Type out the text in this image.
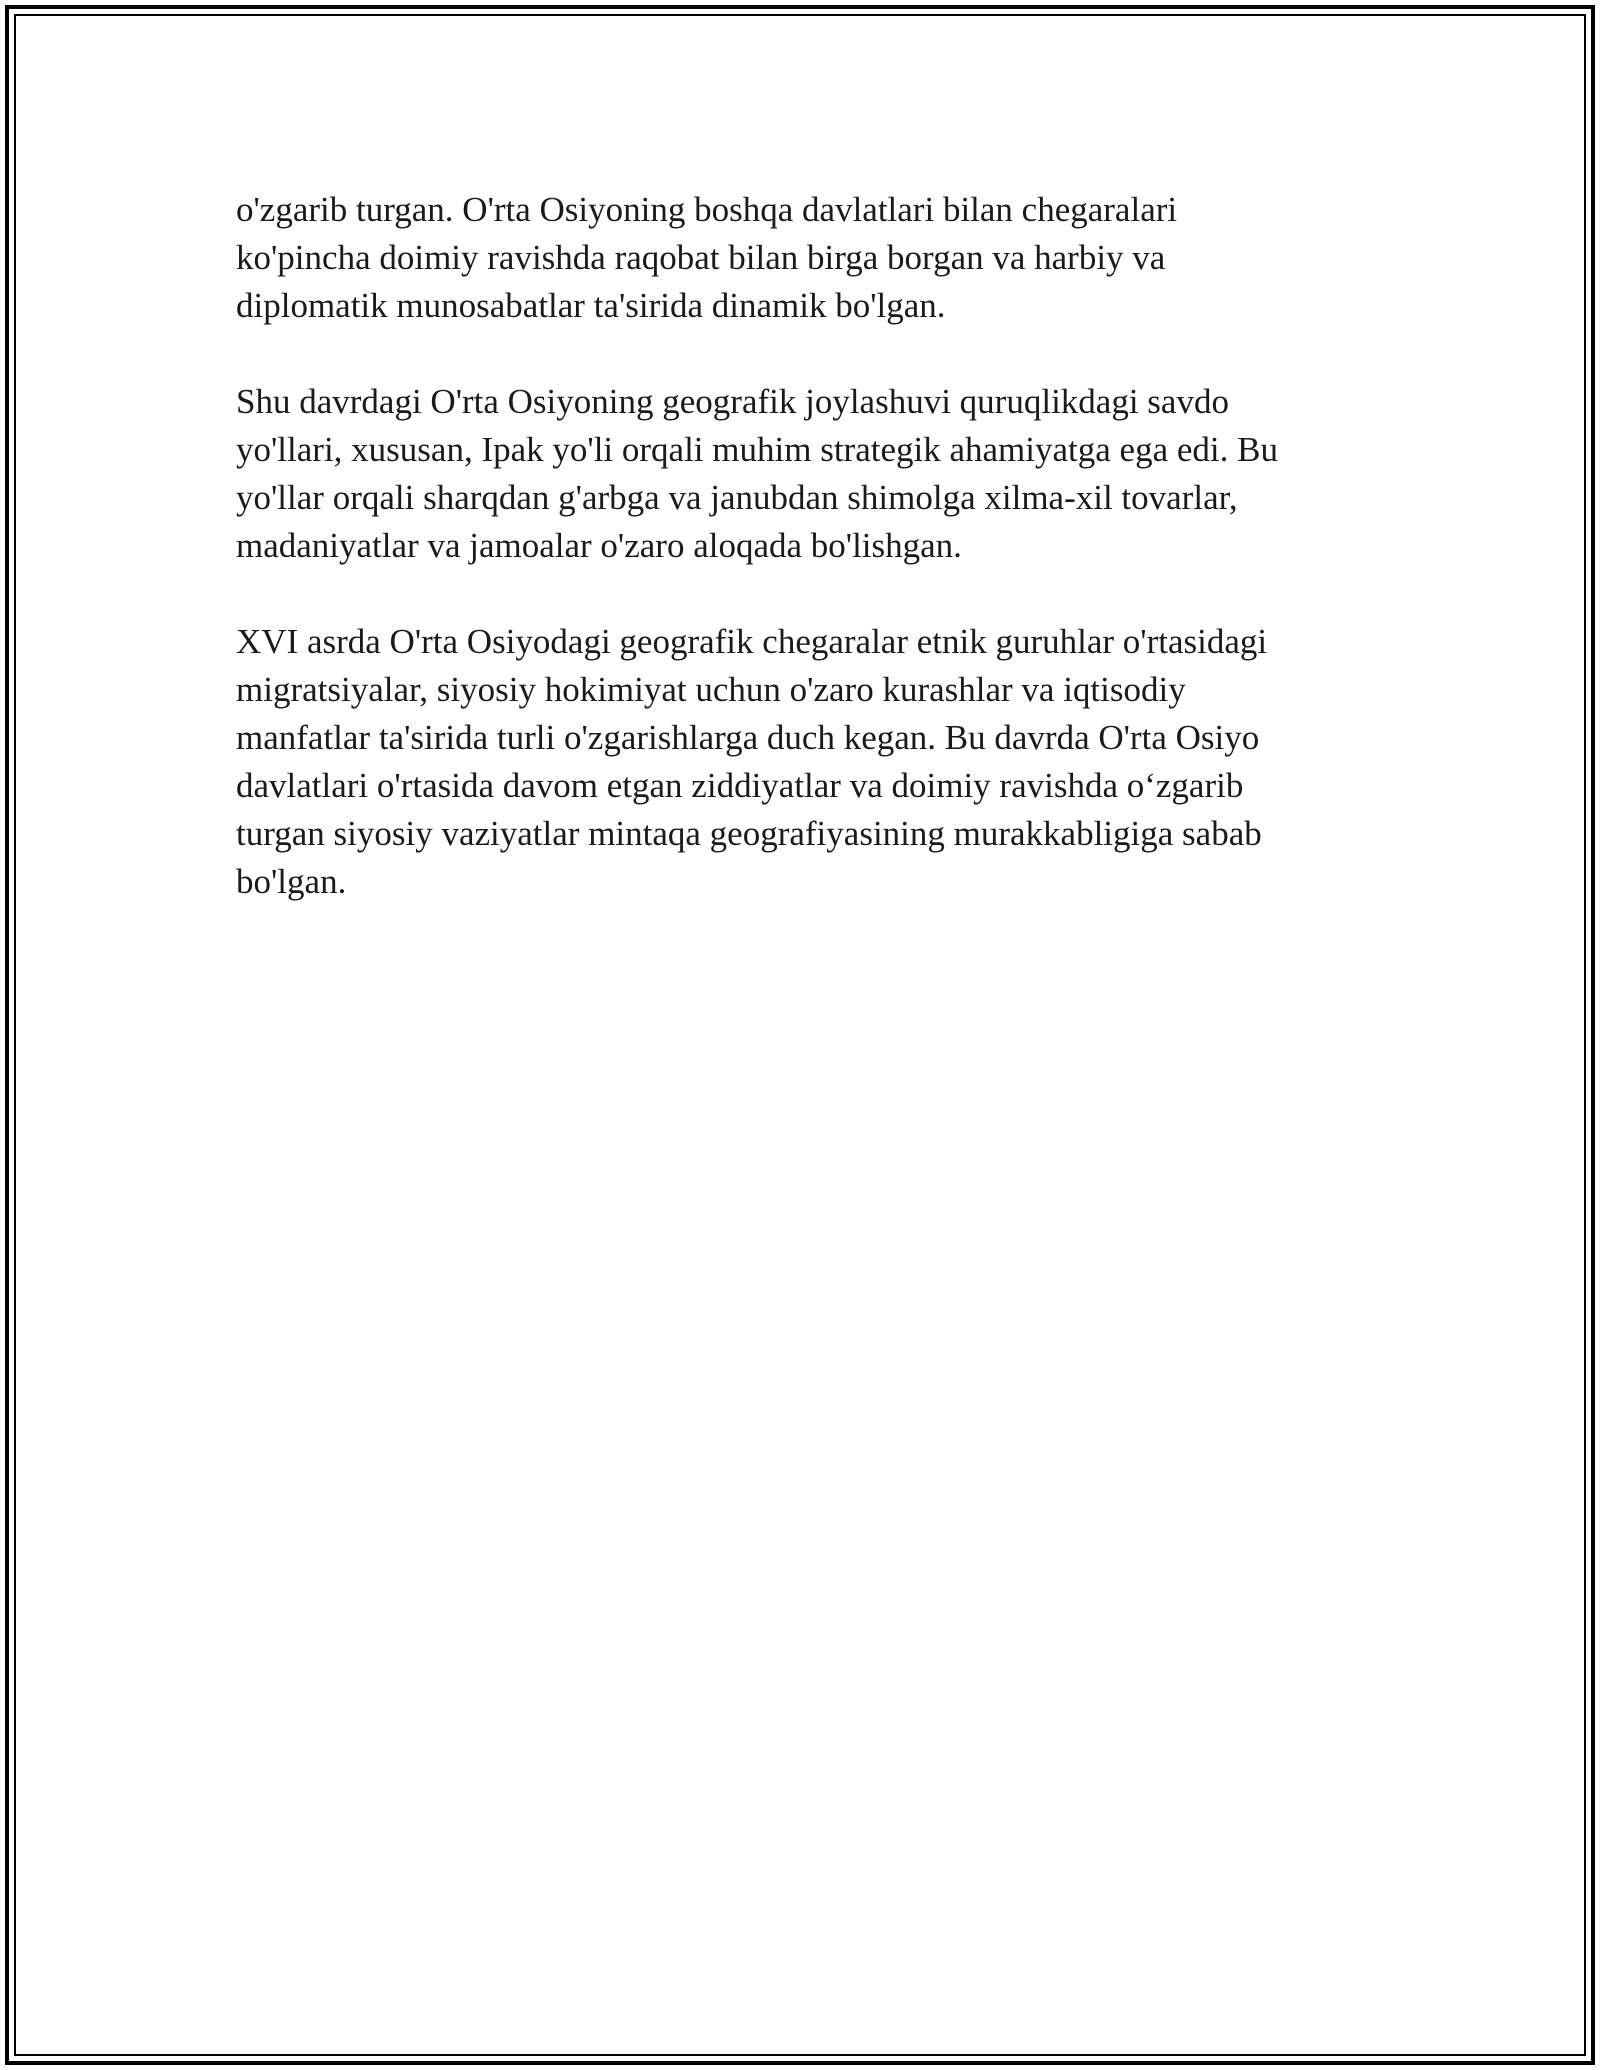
o'zgarib turgan. O'rta Osiyoning boshqa davlatlari bilan chegaralari
ko'pincha doimiy ravishda raqobat bilan birga borgan va harbiy va
diplomatik munosabatlar ta'sirida dinamik bo'lgan.

Shu davrdagi O'rta Osiyoning geografik joylashuvi quruqlikdagi savdo
yo'llari, xususan, Ipak yo'li orqali muhim strategik ahamiyatga ega edi. Bu
yo'llar orqali sharqdan g'arbga va janubdan shimolga xilma-xil tovarlar,
madaniyatlar va jamoalar o'zaro aloqada bo'lishgan.

XVI asrda O'rta Osiyodagi geografik chegaralar etnik guruhlar o'rtasidagi
migratsiyalar, siyosiy hokimiyat uchun o'zaro kurashlar va iqtisodiy
manfatlar ta'sirida turli o'zgarishlarga duch kegan. Bu davrda O'rta Osiyo
davlatlari o'rtasida davom etgan ziddiyatlar va doimiy ravishda o‘zgarib
turgan siyosiy vaziyatlar mintaqa geografiyasining murakkabligiga sabab
bo'lgan.
